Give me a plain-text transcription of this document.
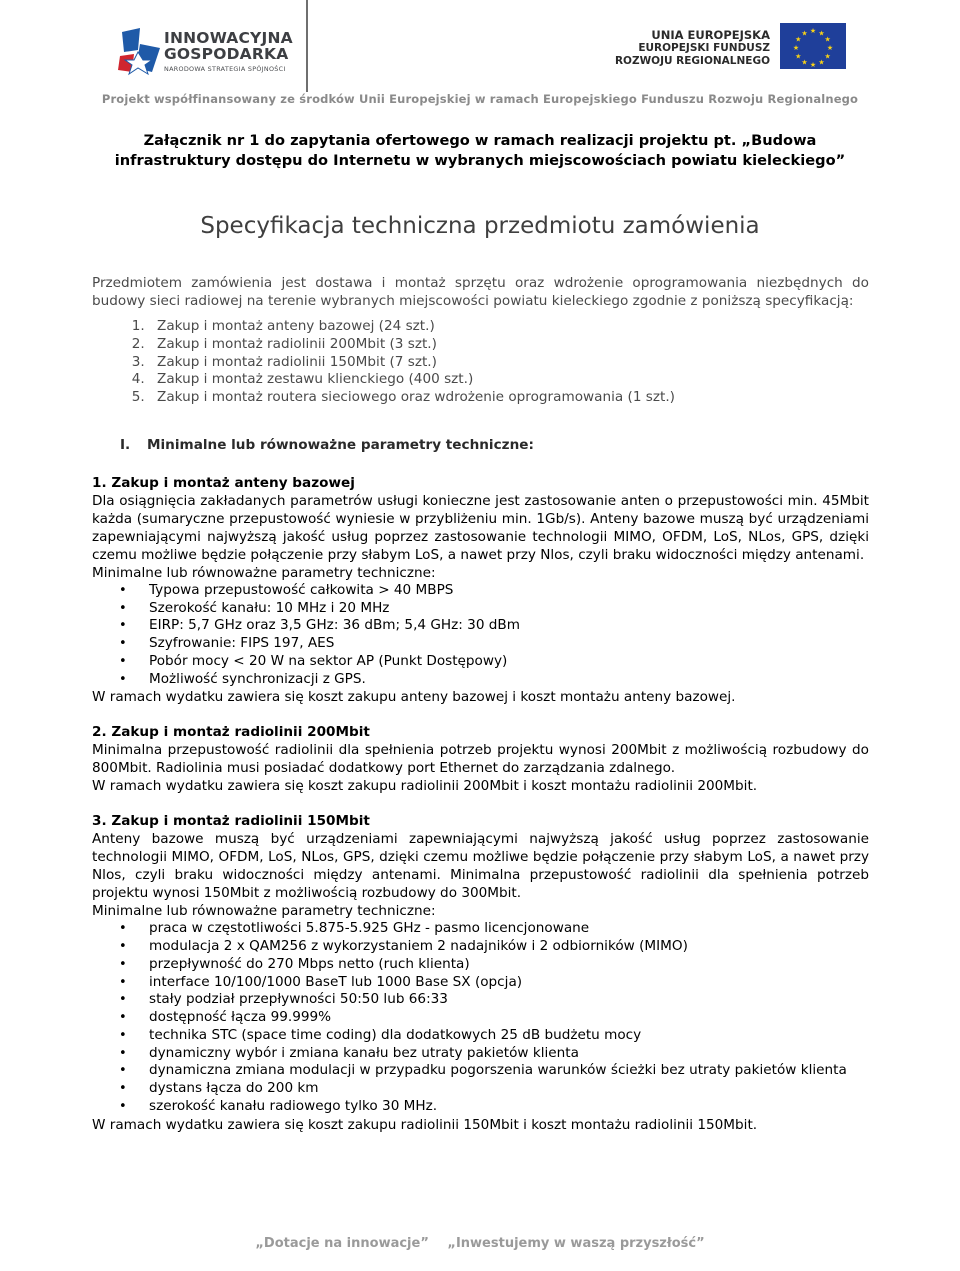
INNOWACYJNA
GOSPODARKA
NARODOWA STRATEGIA SPÓJNOŚCI
UNIA EUROPEJSKA
EUROPEJSKI FUNDUSZ
ROZWOJU REGIONALNEGO
★ ★
★
★
★
★
★
★
★
★
★
★
Projekt współfinansowany ze środków Unii Europejskiej w ramach Europejskiego Funduszu Rozwoju Regionalnego
Załącznik nr 1 do zapytania ofertowego w ramach realizacji projektu pt. „Budowa infrastruktury dostępu do Internetu w wybranych miejscowościach powiatu kieleckiego”
Specyfikacja techniczna przedmiotu zamówienia

Przedmiotem zamówienia jest dostawa i montaż sprzętu oraz wdrożenie oprogramowania niezbędnych do budowy sieci radiowej na terenie wybranych miejscowości powiatu kieleckiego zgodnie z poniższą specyfikacją:

1. Zakup i montaż anteny bazowej (24 szt.)
2. Zakup i montaż radiolinii 200Mbit (3 szt.)
3. Zakup i montaż radiolinii 150Mbit (7 szt.)
4. Zakup i montaż zestawu klienckiego (400 szt.)
5. Zakup i montaż routera sieciowego oraz wdrożenie oprogramowania (1 szt.)

I. Minimalne lub równoważne parametry techniczne:

1. Zakup i montaż anteny bazowej

Dla osiągnięcia zakładanych parametrów usługi konieczne jest zastosowanie anten o przepustowości min. 45Mbit każda (sumaryczne przepustowość wyniesie w przybliżeniu min. 1Gb/s). Anteny bazowe muszą być urządzeniami zapewniającymi najwyższą jakość usług poprzez zastosowanie technologii MIMO, OFDM, LoS, NLos, GPS, dzięki czemu możliwe będzie połączenie przy słabym LoS, a nawet przy Nlos, czyli braku widoczności między antenami.

Minimalne lub równoważne parametry techniczne:

• Typowa przepustowość całkowita > 40 MBPS
• Szerokość kanału: 10 MHz i 20 MHz
• EIRP: 5,7 GHz oraz 3,5 GHz: 36 dBm; 5,4 GHz: 30 dBm
• Szyfrowanie: FIPS 197, AES
• Pobór mocy < 20 W na sektor AP (Punkt Dostępowy)
• Możliwość synchronizacji z GPS.

W ramach wydatku zawiera się koszt zakupu anteny bazowej i koszt montażu anteny bazowej.

2. Zakup i montaż radiolinii 200Mbit

Minimalna przepustowość radiolinii dla spełnienia potrzeb projektu wynosi 200Mbit z możliwością rozbudowy do 800Mbit. Radiolinia musi posiadać dodatkowy port Ethernet do zarządzania zdalnego.

W ramach wydatku zawiera się koszt zakupu radiolinii 200Mbit i koszt montażu radiolinii 200Mbit.

3. Zakup i montaż radiolinii 150Mbit

Anteny bazowe muszą być urządzeniami zapewniającymi najwyższą jakość usług poprzez zastosowanie technologii MIMO, OFDM, LoS, NLos, GPS, dzięki czemu możliwe będzie połączenie przy słabym LoS, a nawet przy Nlos, czyli braku widoczności między antenami. Minimalna przepustowość radiolinii dla spełnienia potrzeb projektu wynosi 150Mbit z możliwością rozbudowy do 300Mbit.

Minimalne lub równoważne parametry techniczne:

• praca w częstotliwości 5.875-5.925 GHz - pasmo licencjonowane
• modulacja 2 x QAM256 z wykorzystaniem 2 nadajników i 2 odbiorników (MIMO)
• przepływność do 270 Mbps netto (ruch klienta)
• interface 10/100/1000 BaseT lub 1000 Base SX (opcja)
• stały podział przepływności 50:50 lub 66:33
• dostępność łącza 99.999%
• technika STC (space time coding) dla dodatkowych 25 dB budżetu mocy
• dynamiczny wybór i zmiana kanału bez utraty pakietów klienta
• dynamiczna zmiana modulacji w przypadku pogorszenia warunków ścieżki bez utraty pakietów klienta
• dystans łącza do 200 km
• szerokość kanału radiowego tylko 30 MHz.

W ramach wydatku zawiera się koszt zakupu radiolinii 150Mbit i koszt montażu radiolinii 150Mbit.

„Dotacje na innowacje” „Inwestujemy w waszą przyszłość”
